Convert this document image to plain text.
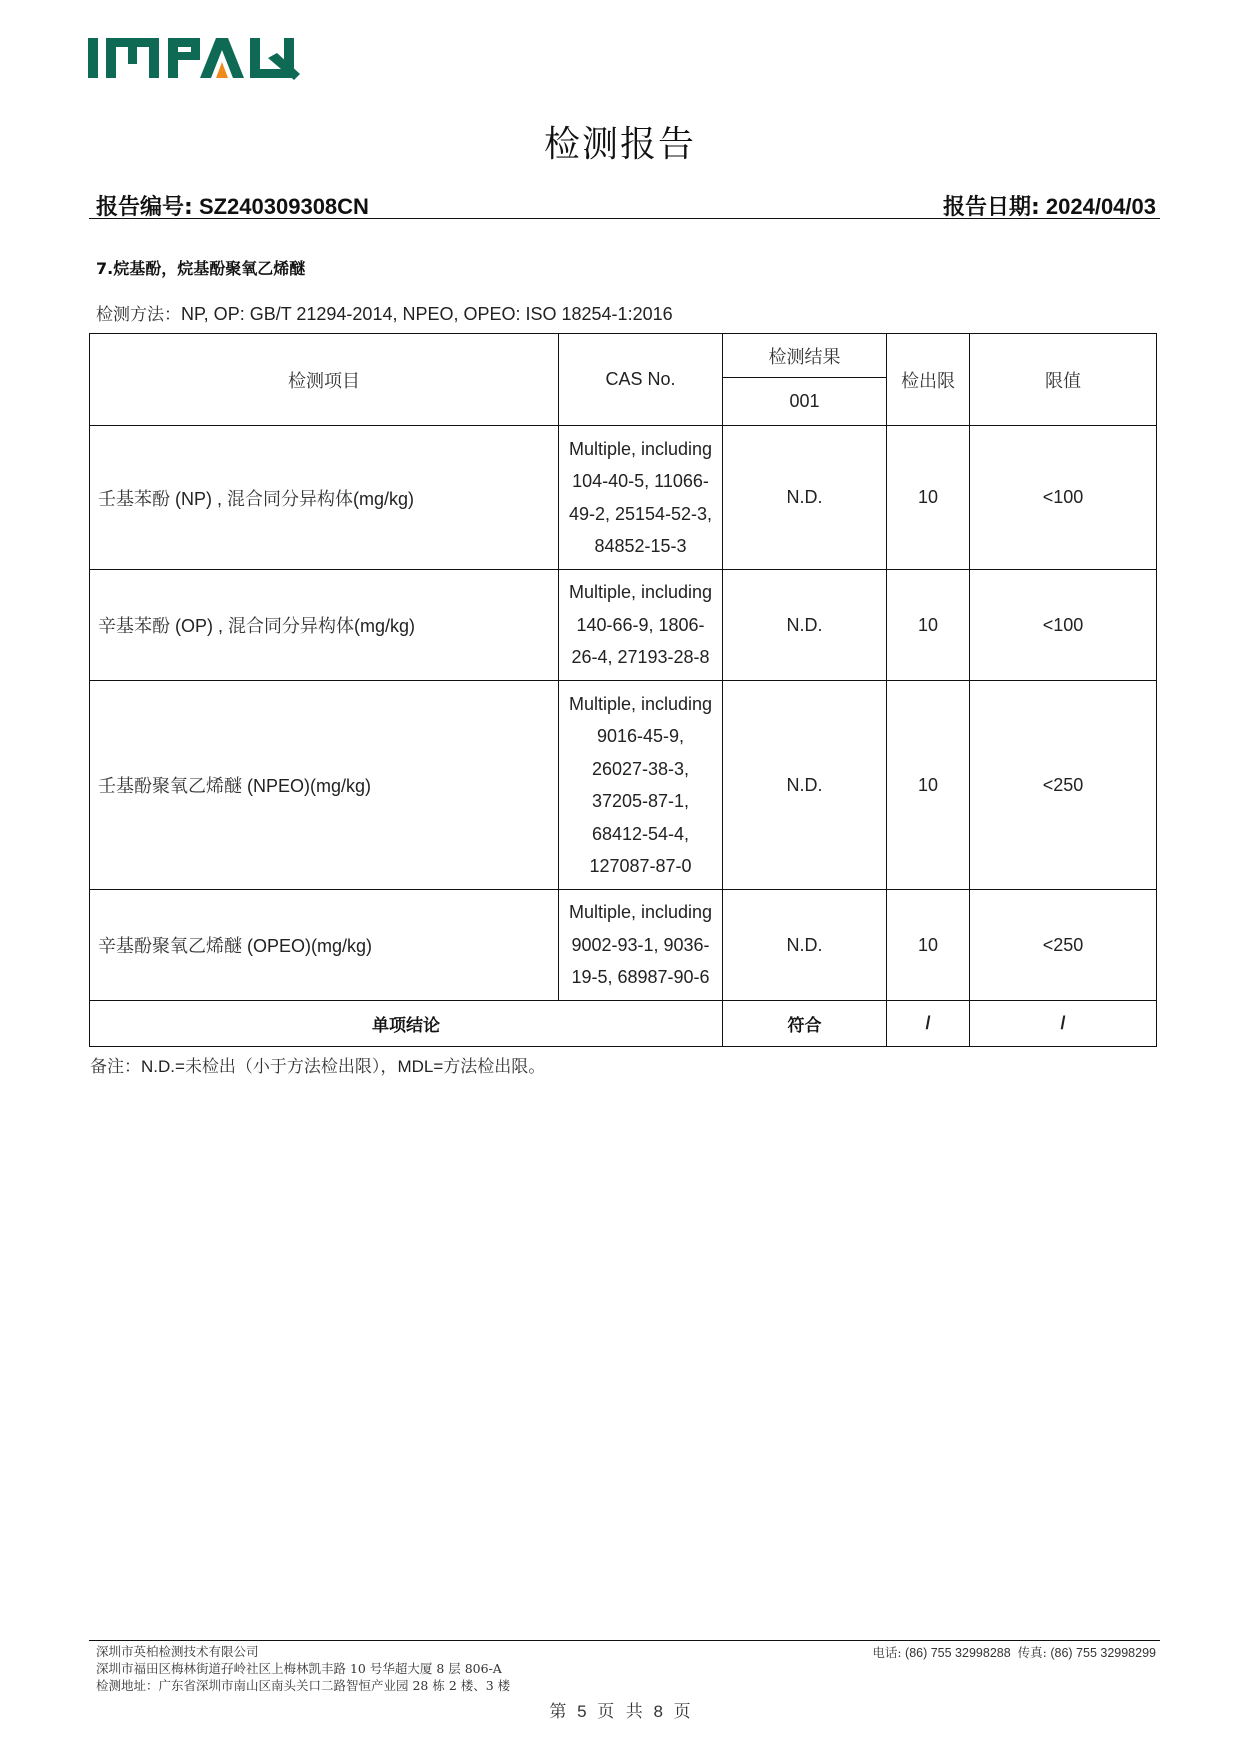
检测报告
报告编号: SZ240309308CN	报告日期: 2024/04/03
7.烷基酚，烷基酚聚氧乙烯醚
检测方法：NP, OP: GB/T 21294-2014, NPEO, OPEO: ISO 18254-1:2016
检测项目	CAS No.	检测结果	检出限	限值
		001		
壬基苯酚 (NP) , 混合同分异构体(mg/kg)	Multiple, including
104-40-5, 11066-
49-2, 25154-52-3,
84852-15-3	N.D.	10	<100
辛基苯酚 (OP) , 混合同分异构体(mg/kg)	Multiple, including
140-66-9, 1806-
26-4, 27193-28-8	N.D.	10	<100
壬基酚聚氧乙烯醚 (NPEO)(mg/kg)	
Multiple, including
9016-45-9,
26027-38-3,
37205-87-1,
68412-54-4,
127087-87-0
	N.D.	10	<250
辛基酚聚氧乙烯醚 (OPEO)(mg/kg)	Multiple, including
9002-93-1, 9036-
19-5, 68987-90-6	N.D.	10	<250
单项结论		符合	/	/
备注：N.D.=未检出（小于方法检出限），MDL=方法检出限。
深圳市英柏检测技术有限公司
深圳市福田区梅林街道孖岭社区上梅林凯丰路 10 号华超大厦 8 层 806-A
检测地址：广东省深圳市南山区南头关口二路智恒产业园 28 栋 2 楼、3 楼
电话: (86) 755 32998288 传真: (86) 755 32998299
第 5 页 共 8 页
